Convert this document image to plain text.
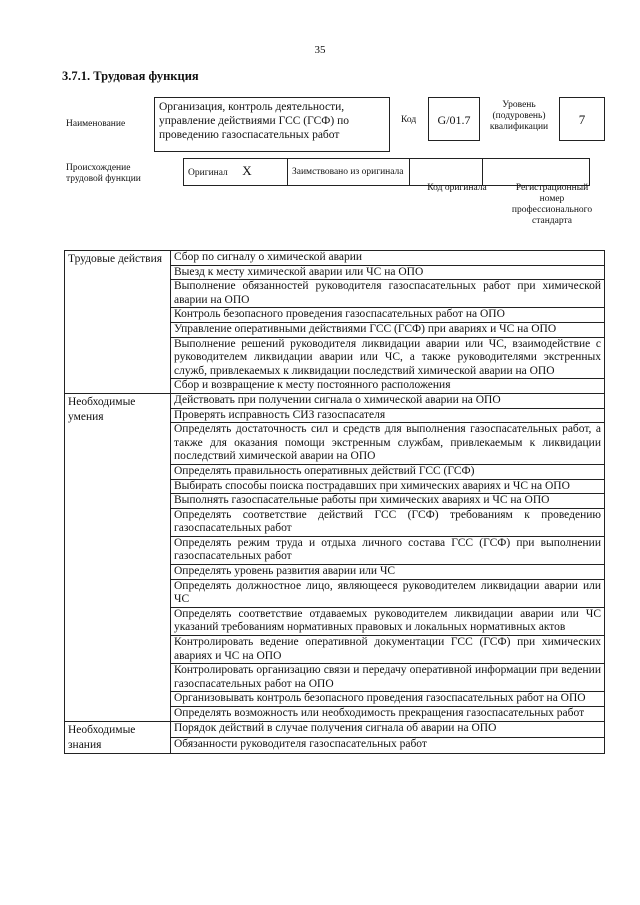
35
3.7.1. Трудовая функция
Наименование
Организация, контроль деятельности, управление действиями ГСС (ГСФ) по проведению газоспасательных работ
Код	G/01.7
Уровень (подуровень) квалификации	7
Происхождение трудовой функции
Оригинал X	Заимствовано из оригинала		
Код оригинала	Регистрационный номер профессионального стандарта
Трудовые действия	Сбор по сигналу о химической аварии
	Выезд к месту химической аварии или ЧС на ОПО
	Выполнение обязанностей руководителя газоспасательных работ при химической аварии на ОПО
	Контроль безопасного проведения газоспасательных работ на ОПО
	Управление оперативными действиями ГСС (ГСФ) при авариях и ЧС на ОПО
	Выполнение решений руководителя ликвидации аварии или ЧС, взаимодействие с руководителем ликвидации аварии или ЧС, а также руководителями экстренных служб, привлекаемых к ликвидации последствий химической аварии на ОПО
	Сбор и возвращение к месту постоянного расположения
Необходимые умения	Действовать при получении сигнала о химической аварии на ОПО
	Проверять исправность СИЗ газоспасателя
	Определять достаточность сил и средств для выполнения газоспасательных работ, а также для оказания помощи экстренным службам, привлекаемым к ликвидации последствий химической аварии на ОПО
	Определять правильность оперативных действий ГСС (ГСФ)
	Выбирать способы поиска пострадавших при химических авариях и ЧС на ОПО
	Выполнять газоспасательные работы при химических авариях и ЧС на ОПО
	Определять соответствие действий ГСС (ГСФ) требованиям к проведению газоспасательных работ
	Определять режим труда и отдыха личного состава ГСС (ГСФ) при выполнении газоспасательных работ
	Определять уровень развития аварии или ЧС
	Определять должностное лицо, являющееся руководителем ликвидации аварии или ЧС
	Определять соответствие отдаваемых руководителем ликвидации аварии или ЧС указаний требованиям нормативных правовых и локальных нормативных актов
	Контролировать ведение оперативной документации ГСС (ГСФ) при химических авариях и ЧС на ОПО
	Контролировать организацию связи и передачу оперативной информации при ведении газоспасательных работ на ОПО
	Организовывать контроль безопасного проведения газоспасательных работ на ОПО
	Определять возможность или необходимость прекращения газоспасательных работ
Необходимые знания	Порядок действий в случае получения сигнала об аварии на ОПО
	Обязанности руководителя газоспасательных работ
